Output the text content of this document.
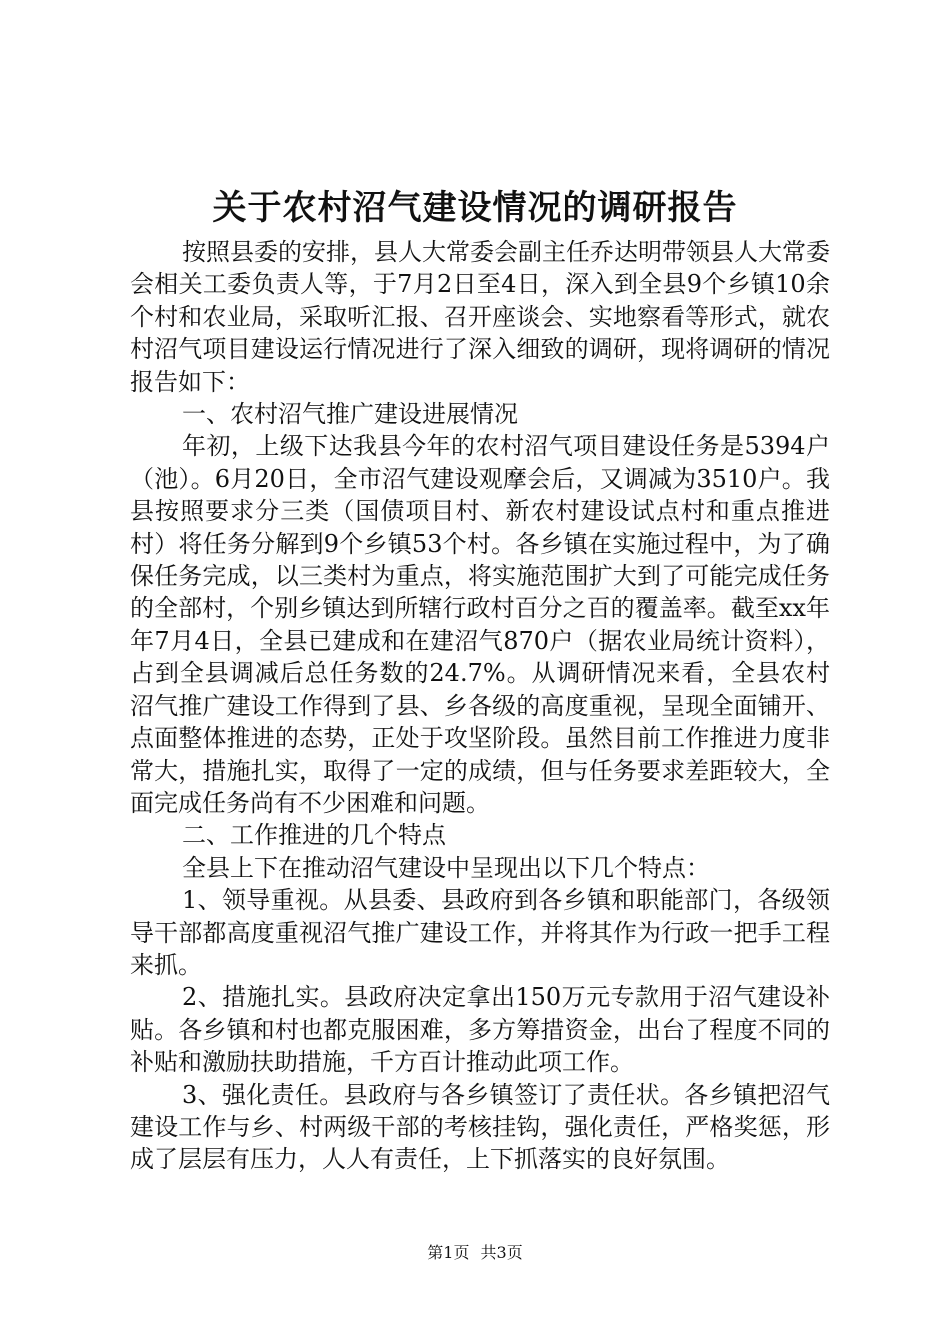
关于农村沼气建设情况的调研报告

按照县委的安排，县人大常委会副主任乔达明带领县人大常委会相关工委负责人等，于7月2日至4日，深入到全县9个乡镇10余个村和农业局，采取听汇报、召开座谈会、实地察看等形式，就农村沼气项目建设运行情况进行了深入细致的调研，现将调研的情况报告如下：

一、农村沼气推广建设进展情况

年初，上级下达我县今年的农村沼气项目建设任务是5394户（池）。6月20日，全市沼气建设观摩会后，又调减为3510户。我县按照要求分三类（国债项目村、新农村建设试点村和重点推进村）将任务分解到9个乡镇53个村。各乡镇在实施过程中，为了确保任务完成，以三类村为重点，将实施范围扩大到了可能完成任务的全部村，个别乡镇达到所辖行政村百分之百的覆盖率。截至xx年年7月4日，全县已建成和在建沼气870户（据农业局统计资料），占到全县调减后总任务数的24.7%。从调研情况来看，全县农村沼气推广建设工作得到了县、乡各级的高度重视，呈现全面铺开、点面整体推进的态势，正处于攻坚阶段。虽然目前工作推进力度非常大，措施扎实，取得了一定的成绩，但与任务要求差距较大，全面完成任务尚有不少困难和问题。

二、工作推进的几个特点

全县上下在推动沼气建设中呈现出以下几个特点：

1、领导重视。从县委、县政府到各乡镇和职能部门，各级领导干部都高度重视沼气推广建设工作，并将其作为行政一把手工程来抓。

2、措施扎实。县政府决定拿出150万元专款用于沼气建设补贴。各乡镇和村也都克服困难，多方筹措资金，出台了程度不同的补贴和激励扶助措施，千方百计推动此项工作。

3、强化责任。县政府与各乡镇签订了责任状。各乡镇把沼气建设工作与乡、村两级干部的考核挂钩，强化责任，严格奖惩，形成了层层有压力，人人有责任，上下抓落实的良好氛围。

第1页 共3页
